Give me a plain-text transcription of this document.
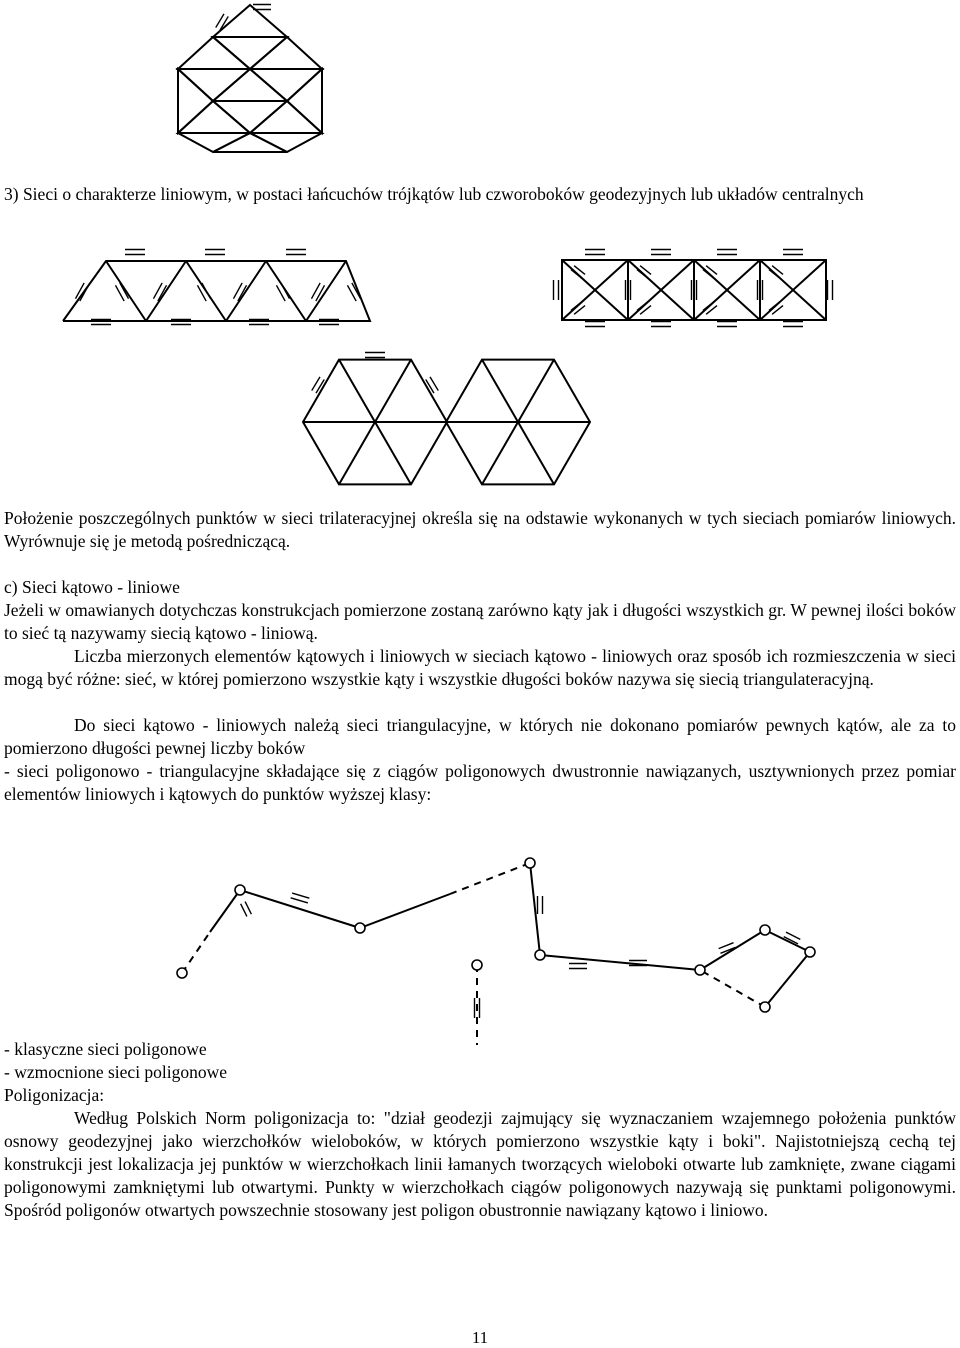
3) Sieci o charakterze liniowym, w postaci łańcuchów trójkątów lub czworoboków geodezyjnych lub układów centralnych

Położenie poszczególnych punktów w sieci trilateracyjnej określa się na odstawie wykonanych w tych sieciach pomiarów liniowych. Wyrównuje się je metodą pośredniczącą.

c) Sieci kątowo - liniowe

Jeżeli w omawianych dotychczas konstrukcjach pomierzone zostaną zarówno kąty jak i długości wszystkich gr. W pewnej ilości boków to sieć tą nazywamy siecią kątowo - liniową.

Liczba mierzonych elementów kątowych i liniowych w sieciach kątowo - liniowych oraz sposób ich rozmieszczenia w sieci mogą być różne: sieć, w której pomierzono wszystkie kąty i wszystkie długości boków nazywa się siecią triangulateracyjną.

Do sieci kątowo - liniowych należą sieci triangulacyjne, w których nie dokonano pomiarów pewnych kątów, ale za to pomierzono długości pewnej liczby boków

- sieci poligonowo - triangulacyjne składające się z ciągów poligonowych dwustronnie nawiązanych, usztywnionych przez pomiar elementów liniowych i kątowych do punktów wyższej klasy:

- klasyczne sieci poligonowe

- wzmocnione sieci poligonowe

Poligonizacja:

Według Polskich Norm poligonizacja to: "dział geodezji zajmujący się wyznaczaniem wzajemnego położenia punktów osnowy geodezyjnej jako wierzchołków wieloboków, w których pomierzono wszystkie kąty i boki". Najistotniejszą cechą tej konstrukcji jest lokalizacja jej punktów w wierzchołkach linii łamanych tworzących wieloboki otwarte lub zamknięte, zwane ciągami poligonowymi zamkniętymi lub otwartymi. Punkty w wierzchołkach ciągów poligonowych nazywają się punktami poligonowymi. Spośród poligonów otwartych powszechnie stosowany jest poligon obustronnie nawiązany kątowo i liniowo.

11
